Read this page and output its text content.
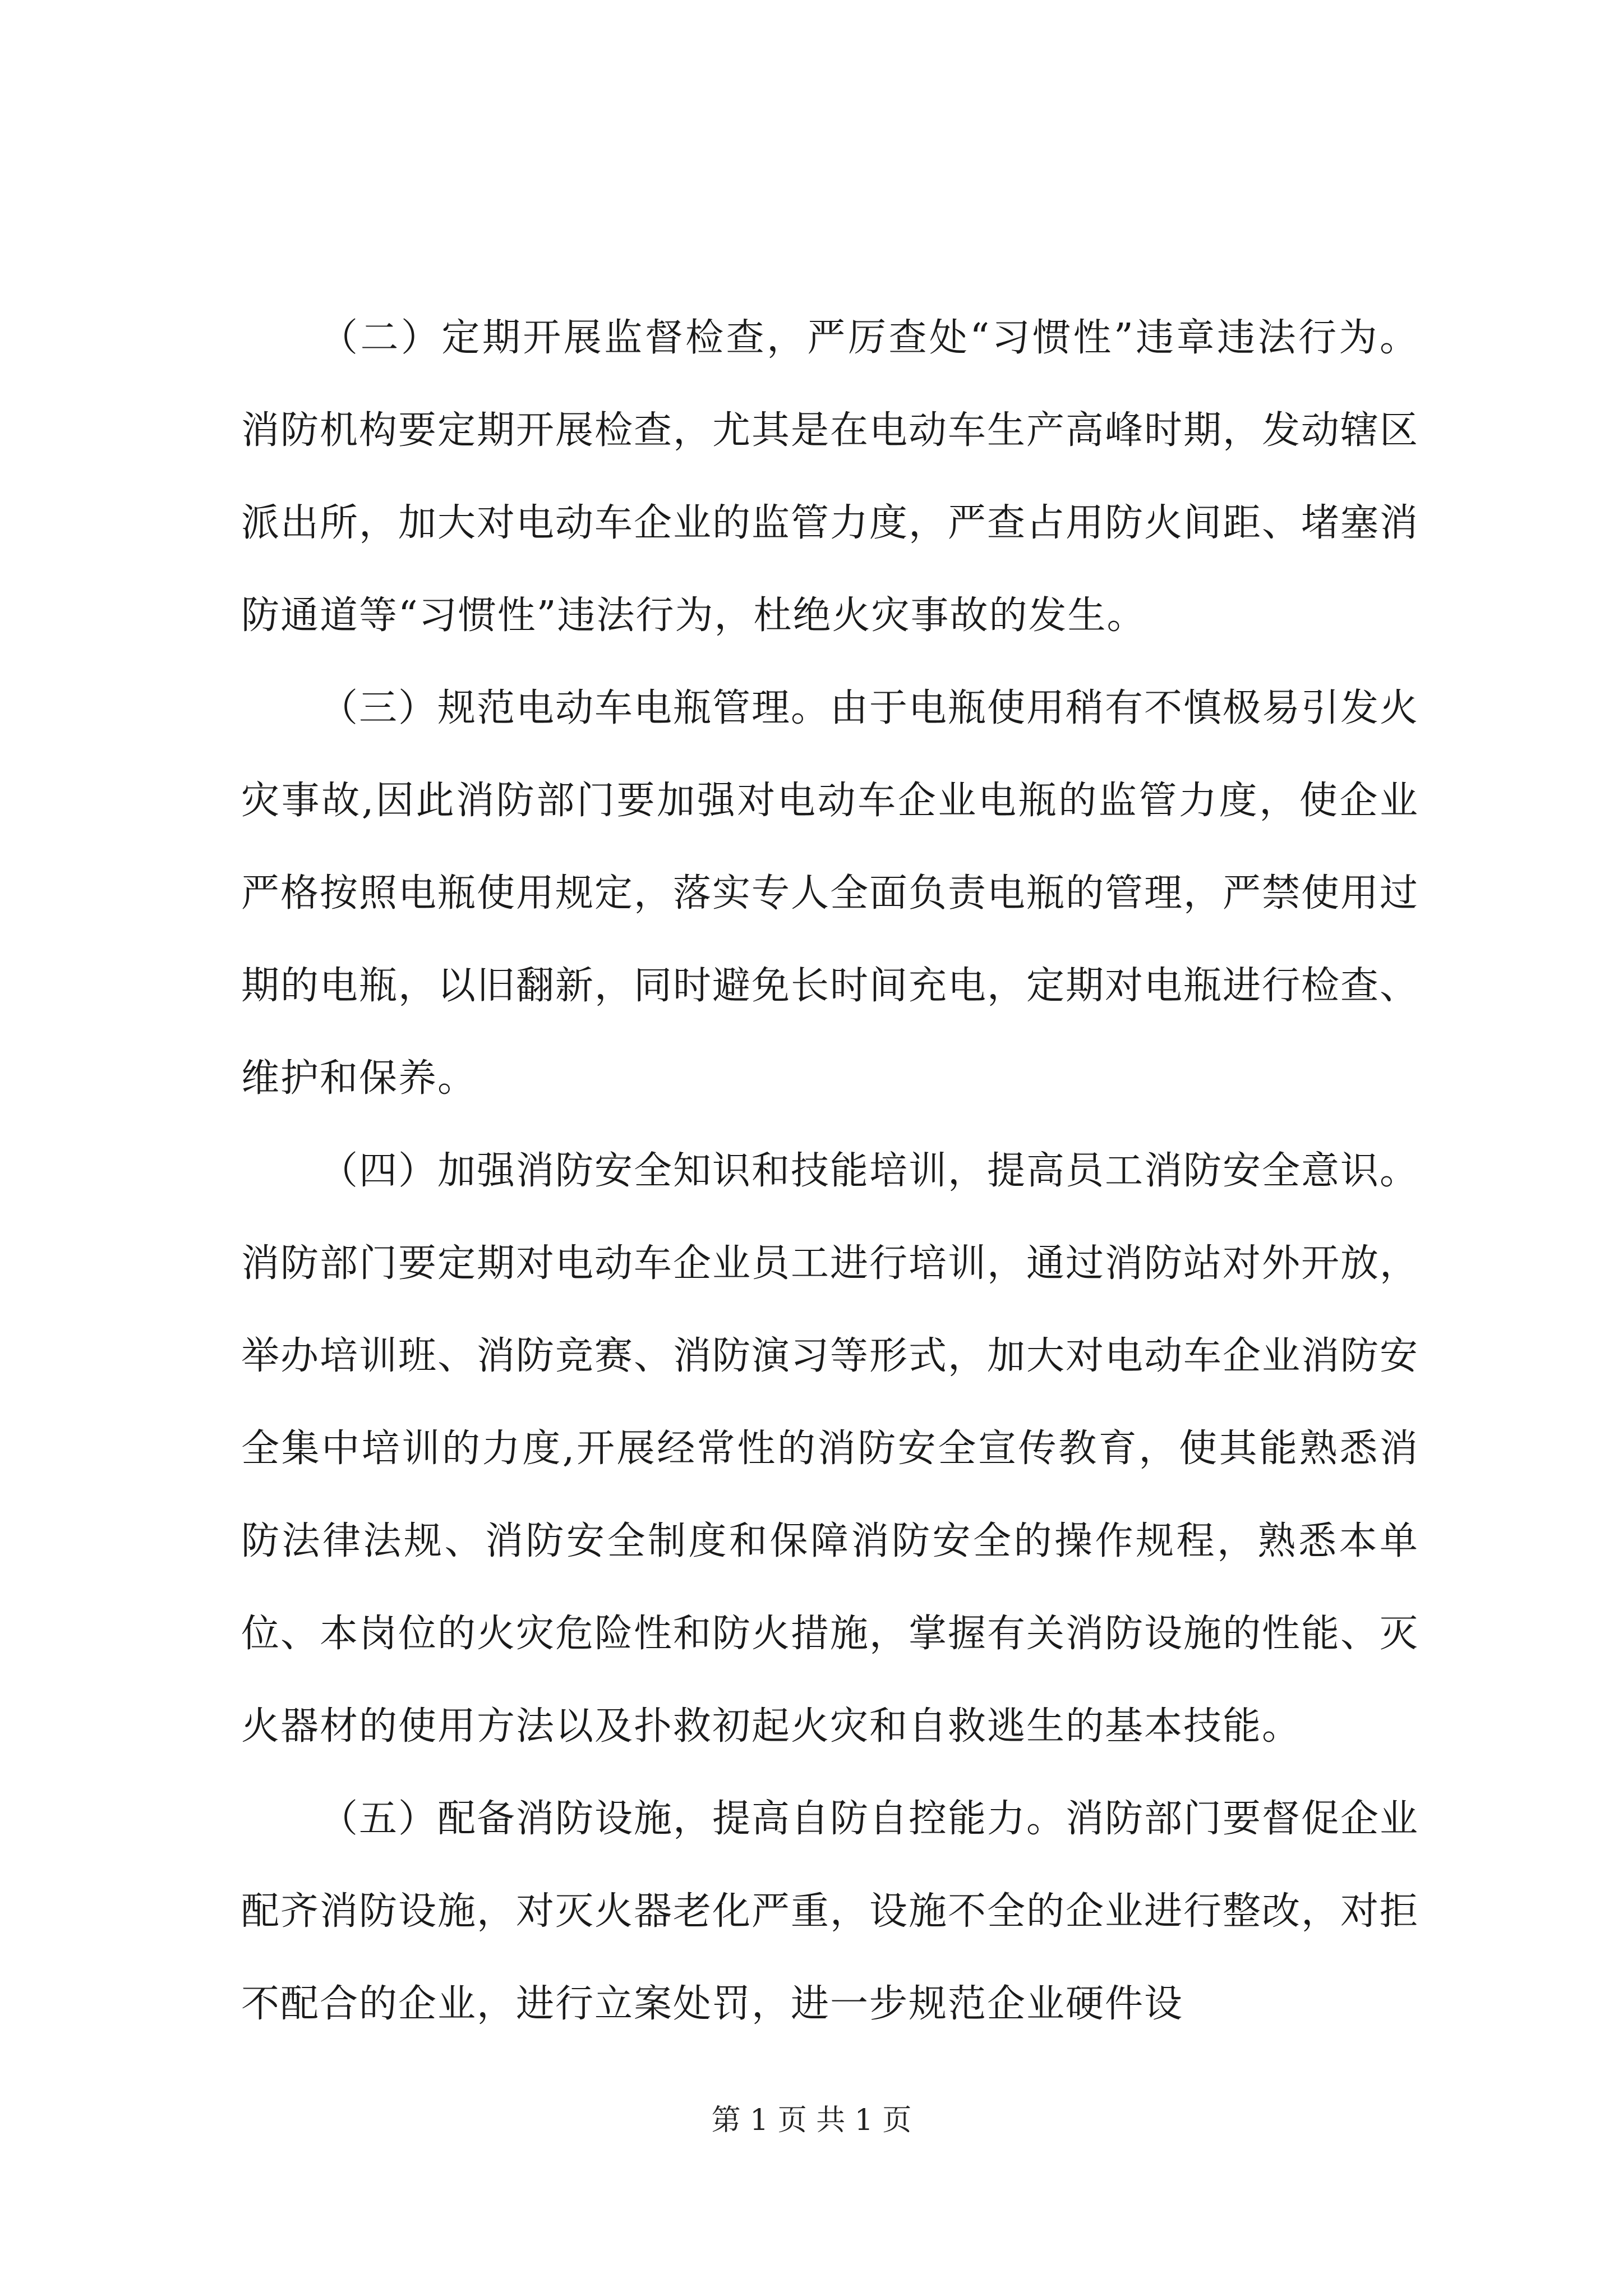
（二）定期开展监督检查，严厉查处“习惯性”违章违法行为。消防机构要定期开展检查，尤其是在电动车生产高峰时期，发动辖区派出所，加大对电动车企业的监管力度，严查占用防火间距、堵塞消防通道等“习惯性”违法行为，杜绝火灾事故的发生。

（三）规范电动车电瓶管理。由于电瓶使用稍有不慎极易引发火灾事故,因此消防部门要加强对电动车企业电瓶的监管力度，使企业严格按照电瓶使用规定，落实专人全面负责电瓶的管理，严禁使用过期的电瓶，以旧翻新，同时避免长时间充电，定期对电瓶进行检查、维护和保养。

（四）加强消防安全知识和技能培训，提高员工消防安全意识。消防部门要定期对电动车企业员工进行培训，通过消防站对外开放，举办培训班、消防竞赛、消防演习等形式，加大对电动车企业消防安全集中培训的力度,开展经常性的消防安全宣传教育，使其能熟悉消防法律法规、消防安全制度和保障消防安全的操作规程，熟悉本单位、本岗位的火灾危险性和防火措施，掌握有关消防设施的性能、灭火器材的使用方法以及扑救初起火灾和自救逃生的基本技能。

（五）配备消防设施，提高自防自控能力。消防部门要督促企业配齐消防设施，对灭火器老化严重，设施不全的企业进行整改，对拒不配合的企业，进行立案处罚，进一步规范企业硬件设

第 1 页 共 1 页
